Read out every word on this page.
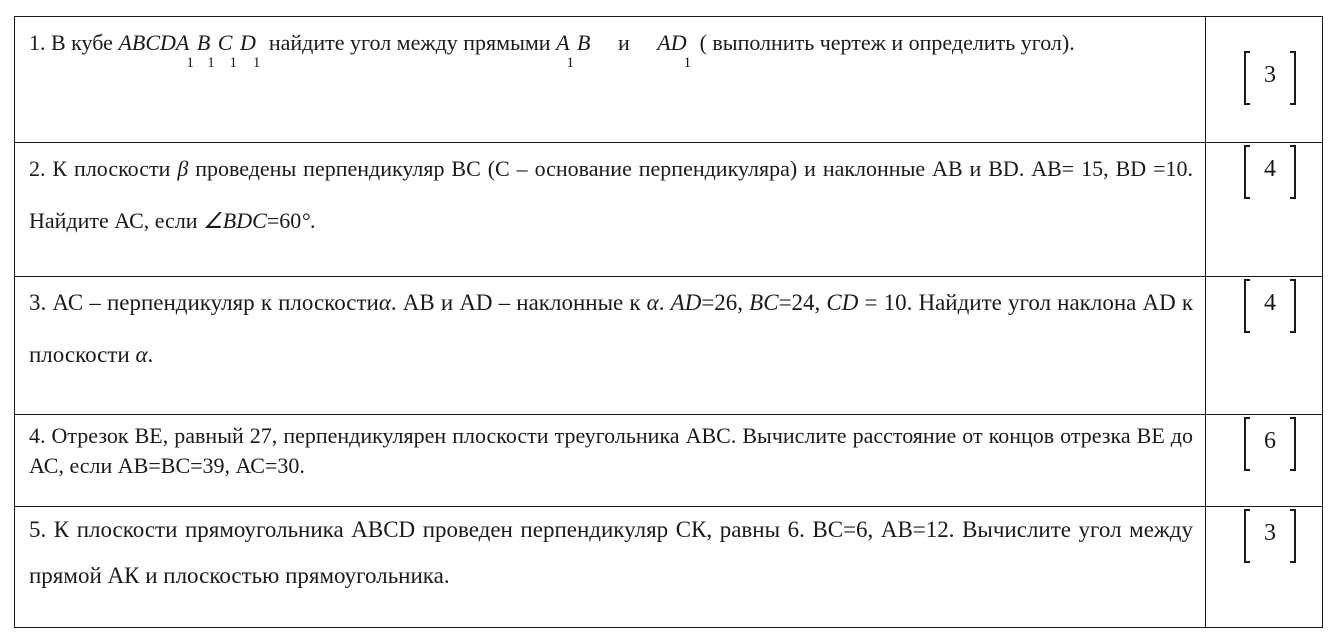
1. В кубе $ABCDA_1B_1C_1D_1$ найдите угол между прямыми $A_1B$ и $AD_1$ ( выполнить чертеж и определить угол).	3

2. К плоскости β проведены перпендикуляр ВС (С – основание перпендикуляра) и наклонные АВ и ВD. АВ= 15, ВD =10. Найдите АС, если ∠BDC=60°.	4

3. АС – перпендикуляр к плоскостиα. АВ и АD – наклонные к α. AD=26, BC=24, CD = 10. Найдите угол наклона АD к плоскости α.	4

4. Отрезок ВЕ, равный 27, перпендикулярен плоскости треугольника АВС. Вычислите расстояние от концов отрезка ВЕ до АС, если АВ=ВС=39, АС=30.	6

5. К плоскости прямоугольника АВСD проведен перпендикуляр СК, равны 6. ВС=6, АВ=12. Вычислите угол между прямой АК и плоскостью прямоугольника.	3
